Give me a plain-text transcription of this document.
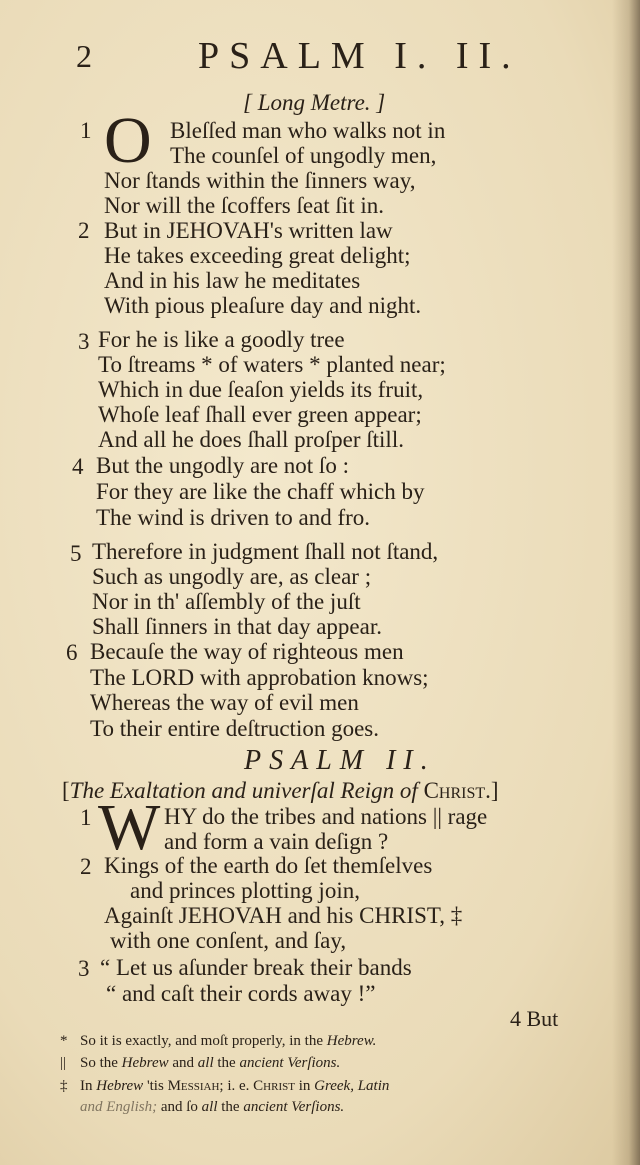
2	PSALM I. II.
[ Long Metre. ]
1 O Bleſſed man who walks not in
The counſel of ungodly men,
Nor ſtands within the ſinners way,
Nor will the ſcoffers ſeat ſit in.
2 But in JEHOVAH's written law
He takes exceeding great delight;
And in his law he meditates
With pious pleaſure day and night.
3 For he is like a goodly tree
To ſtreams * of waters * planted near;
Which in due ſeaſon yields its fruit,
Whoſe leaf ſhall ever green appear;
And all he does ſhall proſper ſtill.
4 But the ungodly are not ſo :
For they are like the chaff which by
The wind is driven to and fro.
5 Therefore in judgment ſhall not ſtand,
Such as ungodly are, as clear ;
Nor in th' aſſembly of the juſt
Shall ſinners in that day appear.
6 Becauſe the way of righteous men
The LORD with approbation knows;
Whereas the way of evil men
To their entire deſtruction goes.
PSALM II.
[The Exaltation and univerſal Reign of Christ.]
1 W HY do the tribes and nations || rage
and form a vain deſign ?
2 Kings of the earth do ſet themſelves
and princes plotting join,
Againſt JEHOVAH and his CHRIST, ‡
with one conſent, and ſay,
3 “ Let us aſunder break their bands
“ and caſt their cords away !”
4 But
* So it is exactly, and moſt properly, in the Hebrew.
|| So the Hebrew and all the ancient Verſions.
‡ In Hebrew 'tis Messiah; i. e. Christ in Greek, Latin
and English; and ſo all the ancient Verſions.
